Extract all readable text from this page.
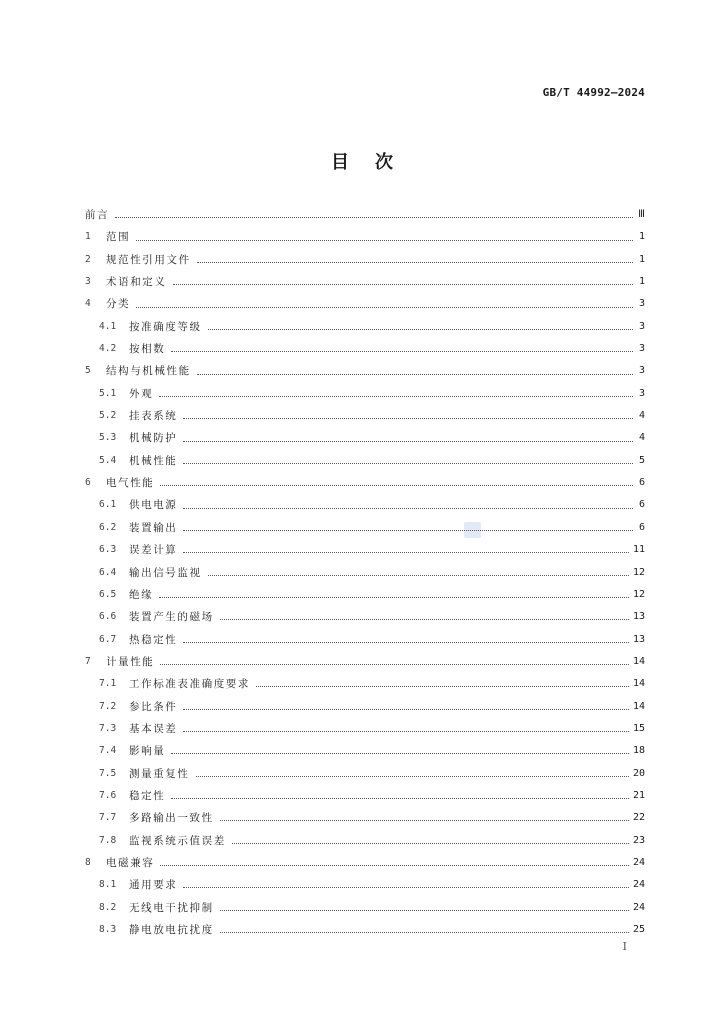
GB/T 44992—2024
目 次
前言	Ⅲ
1	范围	1
2	规范性引用文件	1
3	术语和定义	1
4	分类	3
4.1	按准确度等级	3
4.2	按相数	3
5	结构与机械性能	3
5.1	外观	3
5.2	挂表系统	4
5.3	机械防护	4
5.4	机械性能	5
6	电气性能	6
6.1	供电电源	6
6.2	装置输出	6
6.3	误差计算	11
6.4	输出信号监视	12
6.5	绝缘	12
6.6	装置产生的磁场	13
6.7	热稳定性	13
7	计量性能	14
7.1	工作标准表准确度要求	14
7.2	参比条件	14
7.3	基本误差	15
7.4	影响量	18
7.5	测量重复性	20
7.6	稳定性	21
7.7	多路输出一致性	22
7.8	监视系统示值误差	23
8	电磁兼容	24
8.1	通用要求	24
8.2	无线电干扰抑制	24
8.3	静电放电抗扰度	25
I
